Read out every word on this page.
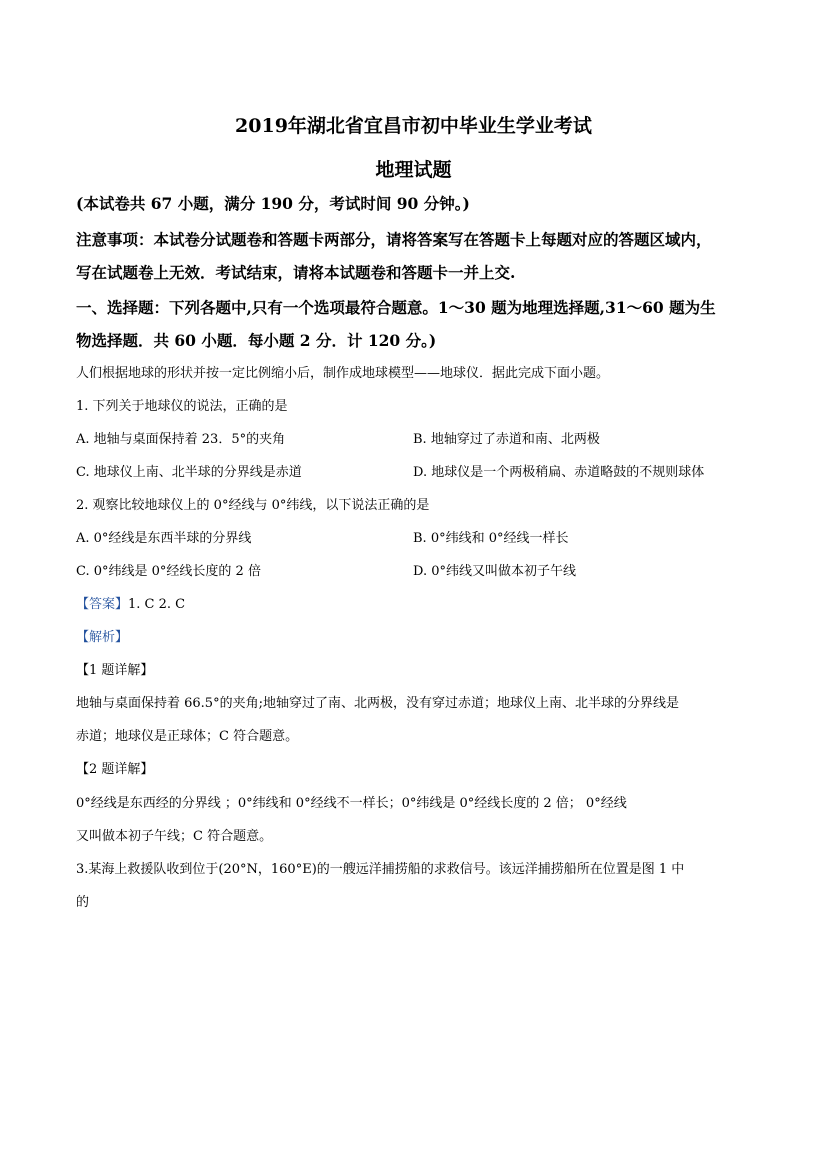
2019年湖北省宜昌市初中毕业生学业考试
地理试题
(本试卷共 67 小题，满分 190 分，考试时间 90 分钟。)
注意事项：本试卷分试题卷和答题卡两部分，请将答案写在答题卡上每题对应的答题区域内，
写在试题卷上无效．考试结束，请将本试题卷和答题卡一并上交.
一、选择题：下列各题中,只有一个选项最符合题意。1～30 题为地理选择题,31～60 题为生
物选择题．共 60 小题．每小题 2 分．计 120 分。)
人们根据地球的形状并按一定比例缩小后，制作成地球模型——地球仪．据此完成下面小题。
1. 下列关于地球仪的说法，正确的是
A. 地轴与桌面保持着 23．5°的夹角	B. 地轴穿过了赤道和南、北两极
C. 地球仪上南、北半球的分界线是赤道	D. 地球仪是一个两极稍扁、赤道略鼓的不规则球体
2. 观察比较地球仪上的 0°经线与 0°纬线，以下说法正确的是
A. 0°经线是东西半球的分界线	B. 0°纬线和 0°经线一样长
C. 0°纬线是 0°经线长度的 2 倍	D. 0°纬线又叫做本初子午线
【答案】1. C 2. C
【解析】
【1 题详解】
地轴与桌面保持着 66.5°的夹角;地轴穿过了南、北两极，没有穿过赤道；地球仪上南、北半球的分界线是
赤道；地球仪是正球体；C 符合题意。
【2 题详解】
0°经线是东西经的分界线 ；0°纬线和 0°经线不一样长；0°纬线是 0°经线长度的 2 倍； 0°经线
又叫做本初子午线；C 符合题意。
3.某海上救援队收到位于(20°N，160°E)的一艘远洋捕捞船的求救信号。该远洋捕捞船所在位置是图 1 中
的
